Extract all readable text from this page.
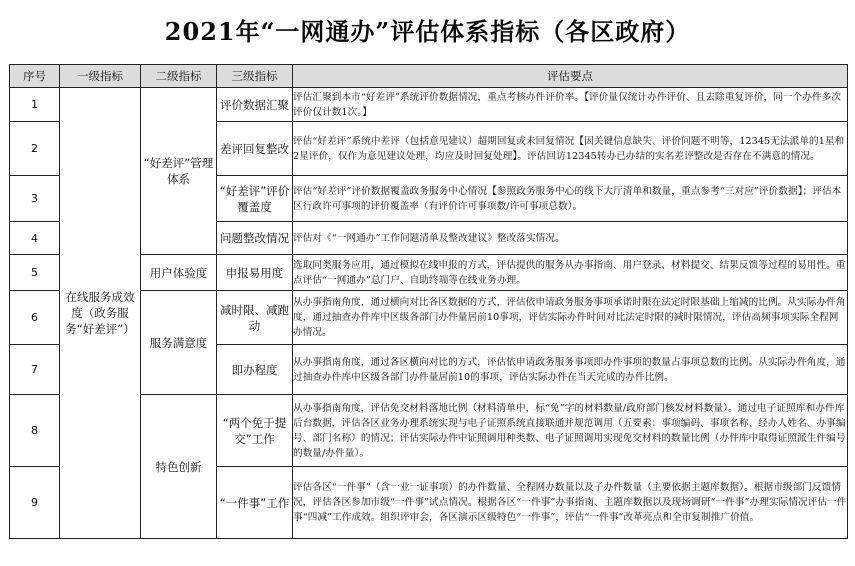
2021年“一网通办”评估体系指标（各区政府）
序号	一级指标	二级指标	三级指标	评估要点
1	在线服务成效度（政务服务“好差评”）	“好差评”管理体系	评价数据汇聚	评估汇聚到本市“好差评”系统评价数据情况，重点考核办件评价率。【评价量仅统计办件评价、且去除重复评价，同一个办件多次评价仅计数1次。】
2			差评回复整改	评估“好差评”系统中差评（包括意见建议）超期回复或未回复情况【因关键信息缺失、评价问题不明等，12345无法派单的1星和2星评价，仅作为意见建议处理，均应及时回复处理】。评估回访12345转办已办结的实名差评整改是否存在不满意的情况。
3			“好差评”评价覆盖度	评估“好差评”评价数据覆盖政务服务中心情况【参照政务服务中心的线下大厅清单和数量，重点参考“三对应”评价数据】；评估本区行政许可事项的评价覆盖率（有评价许可事项数/许可事项总数）。
4			问题整改情况	评估对《“一网通办”工作问题清单及整改建议》整改落实情况。
5		用户体验度	申报易用度	选取同类服务应用，通过模拟在线申报的方式，评估提供的服务从办事指南、用户登录、材料提交、结果反馈等过程的易用性。重点评估“一网通办”总门户、自助终端等在线业务办理。
6		服务满意度	减时限、减跑动	从办事指南角度，通过横向对比各区数据的方式，评估依申请政务服务事项承诺时限在法定时限基础上缩减的比例。从实际办件角度，通过抽查办件库中区级各部门办件量居前10事项，评估实际办件时间对比法定时限的减时限情况，评估高频事项实际全程网办情况。
7			即办程度	从办事指南角度，通过各区横向对比的方式，评估依申请政务服务事项即办件事项的数量占事项总数的比例。从实际办件角度，通过抽查办件库中区级各部门办件量居前10的事项，评估实际办件在当天完成的办件比例。
8		特色创新	“两个免于提交”工作	从办事指南角度，评估免交材料落地比例（材料清单中，标“免”字的材料数量/政府部门核发材料数量）。通过电子证照库和办件库后台数据，评估各区业务办理系统实现与电子证照系统直接联通并规范调用（五要素：事项编码、事项名称、经办人姓名、办事编号、部门名称）的情况；评估实际办件中证照调用种类数、电子证照调用实现免交材料的数量比例（办件库中取得证照派生件编号的数量/办件量）。
9			“一件事”工作	评估各区“一件事”（含一业一证事项）的办件数量、全程网办数量以及子办件数量（主要依据主题库数据）。根据市级部门反馈情况，评估各区参加市级“一件事”试点情况。根据各区“一件事”办事指南、主题库数据以及现场调研“一件事”办理实际情况评估一件事“四减”工作成效。组织评审会，各区演示区级特色“一件事”，评估“一件事”改革亮点和全市复制推广价值。
